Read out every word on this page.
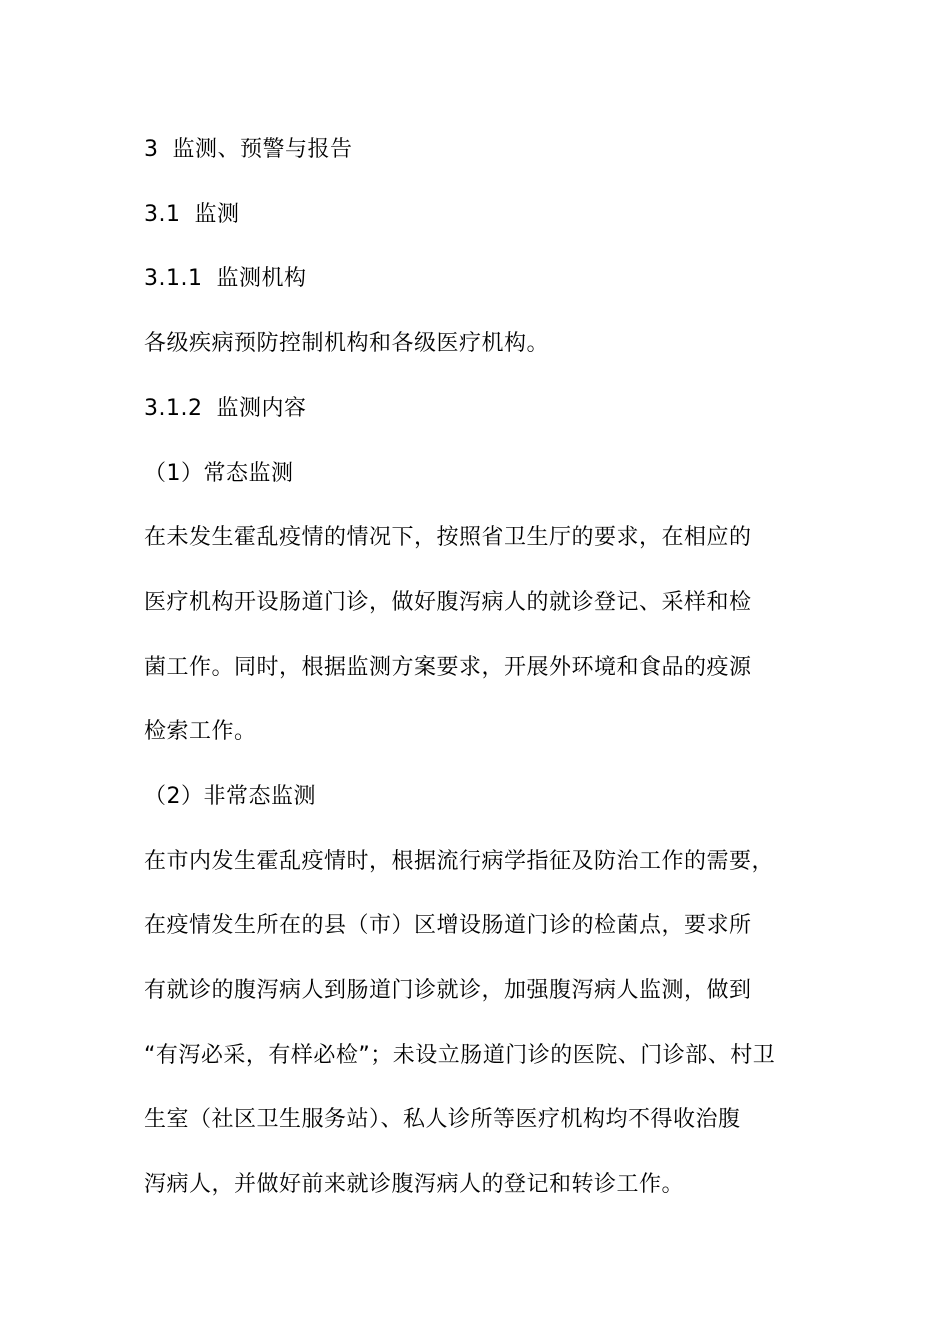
3 监测、预警与报告
3.1 监测
3.1.1 监测机构
各级疾病预防控制机构和各级医疗机构。
3.1.2 监测内容
（1）常态监测
在未发生霍乱疫情的情况下，按照省卫生厅的要求，在相应的
医疗机构开设肠道门诊，做好腹泻病人的就诊登记、采样和检
菌工作。同时，根据监测方案要求，开展外环境和食品的疫源
检索工作。
（2）非常态监测
在市内发生霍乱疫情时，根据流行病学指征及防治工作的需要，
在疫情发生所在的县（市）区增设肠道门诊的检菌点，要求所
有就诊的腹泻病人到肠道门诊就诊，加强腹泻病人监测，做到
“有泻必采，有样必检”；未设立肠道门诊的医院、门诊部、村卫
生室（社区卫生服务站）、私人诊所等医疗机构均不得收治腹
泻病人，并做好前来就诊腹泻病人的登记和转诊工作。
